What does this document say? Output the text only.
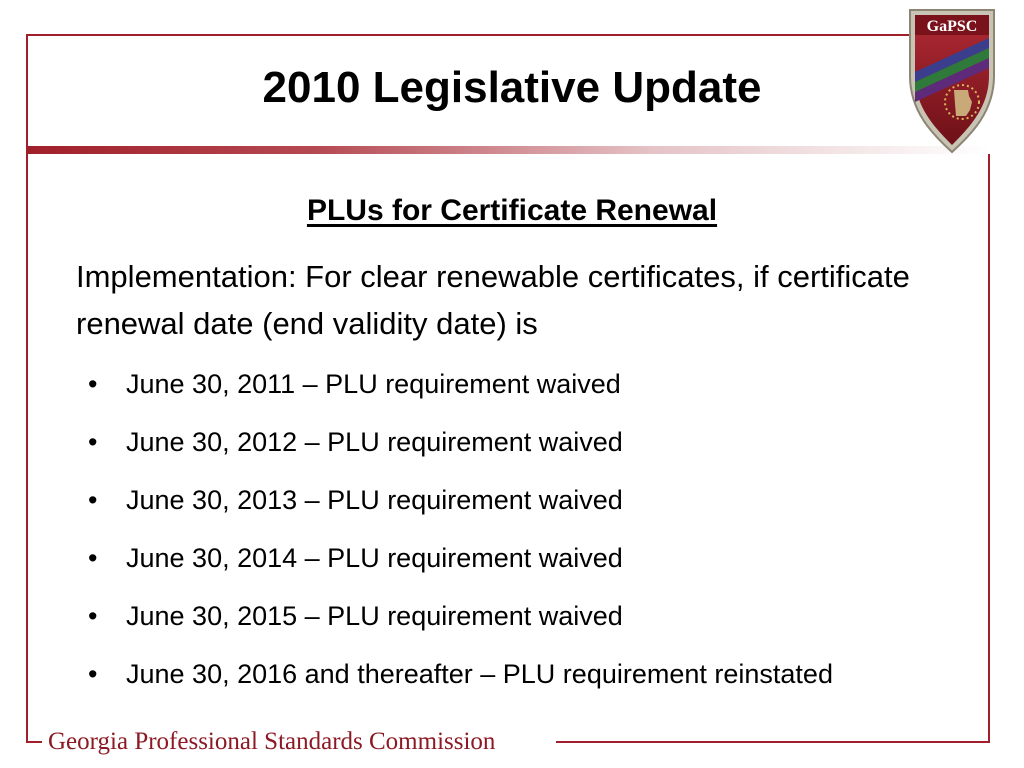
2010 Legislative Update
PLUs for Certificate Renewal
Implementation: For clear renewable certificates, if certificate renewal date (end validity date) is
• June 30, 2011 – PLU requirement waived
• June 30, 2012 – PLU requirement waived
• June 30, 2013 – PLU requirement waived
• June 30, 2014 – PLU requirement waived
• June 30, 2015 – PLU requirement waived
• June 30, 2016 and thereafter – PLU requirement reinstated
Georgia Professional Standards Commission
GaPSC
